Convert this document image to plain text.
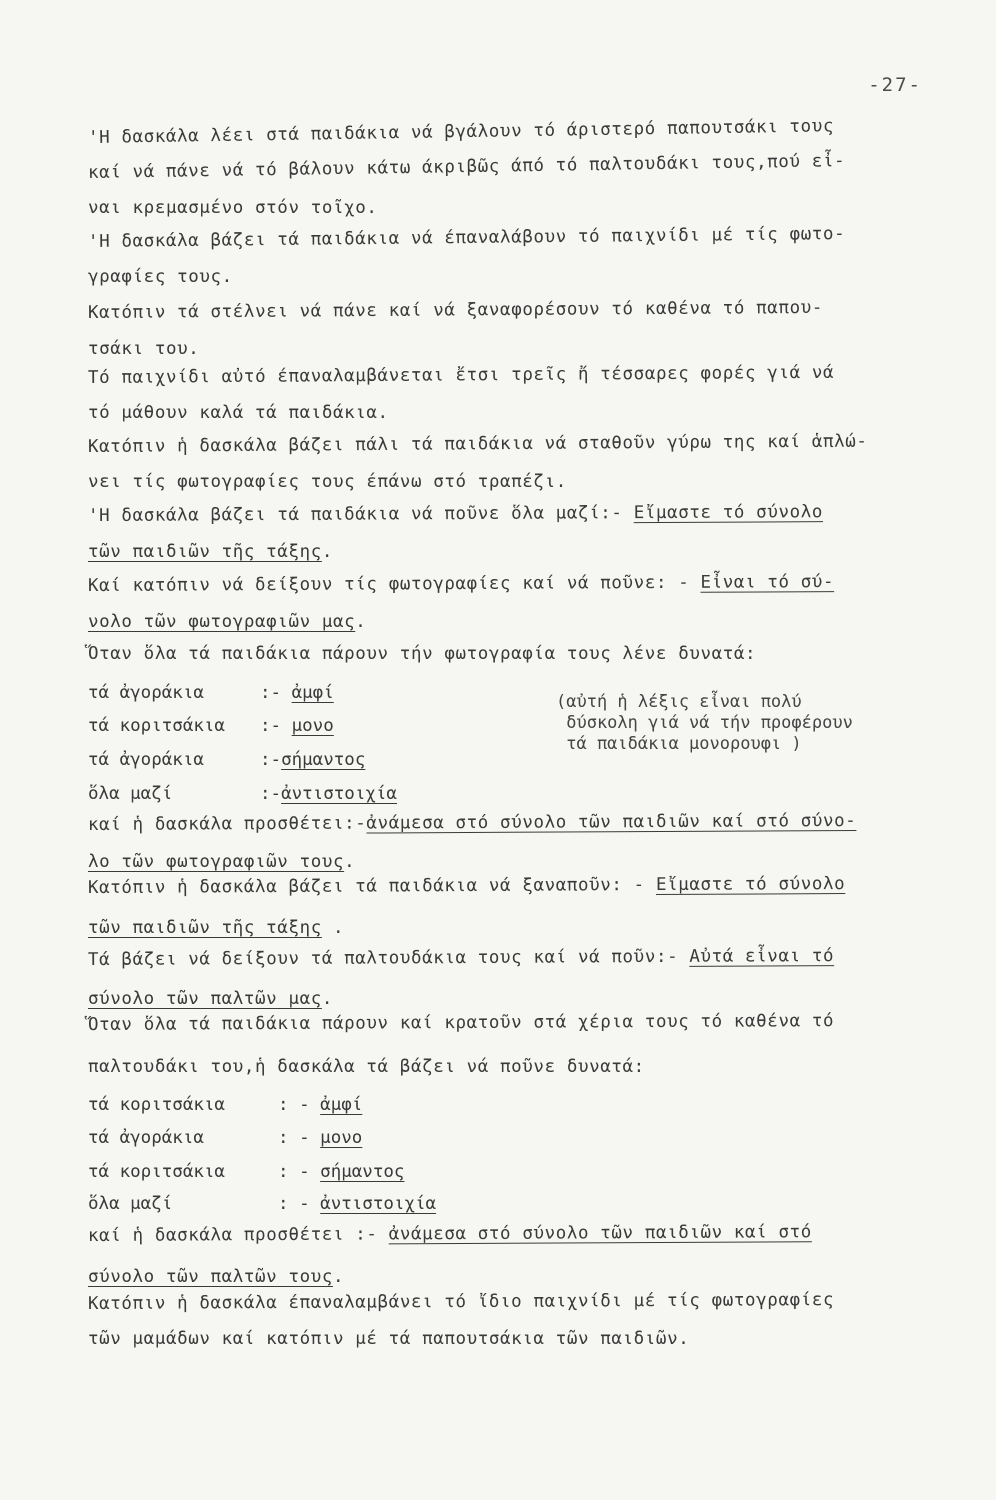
-27-
'Η δασκάλα λέει στά παιδάκια νά βγάλουν τό άριστερό παπουτσάκι τους
καί νά πάνε νά τό βάλουν κάτω άκριβῶς άπό τό παλτουδάκι τους,πού εἶ-
ναι κρεμασμένο στόν τοῖχο.
'Η δασκάλα βάζει τά παιδάκια νά έπαναλάβουν τό παιχνίδι μέ τίς φωτο-
γραφίες τους.
Κατόπιν τά στέλνει νά πάνε καί νά ξαναφορέσουν τό καθένα τό παπου-
τσάκι του.
Τό παιχνίδι αὐτό έπαναλαμβάνεται ἔτσι τρεῖς ἤ τέσσαρες φορές γιά νά
τό μάθουν καλά τά παιδάκια.
Κατόπιν ἡ δασκάλα βάζει πάλι τά παιδάκια νά σταθοῦν γύρω της καί ἁπλώ-
νει τίς φωτογραφίες τους έπάνω στό τραπέζι.
'Η δασκάλα βάζει τά παιδάκια νά ποῦνε ὅλα μαζί:- Εἴμαστε τό σύνολο
τῶν παιδιῶν τῆς τάξης.
Καί κατόπιν νά δείξουν τίς φωτογραφίες καί νά ποῦνε: - Εἶναι τό σύ-
νολο τῶν φωτογραφιῶν μας.
Ὅταν ὅλα τά παιδάκια πάρουν τήν φωτογραφία τους λένε δυνατά:
τά ἀγοράκια	:- ἀμφί
τά κοριτσάκια :- μονο
τά ἀγοράκια	:-σήμαντος
ὅλα μαζί	:-ἀντιστοιχία
(αὐτή ἡ λέξις εἶναι πολύ
δύσκολη γιά νά τήν προφέρουν
τά παιδάκια μονορουφι )
καί ἡ δασκάλα προσθέτει:-ἀνάμεσα στό σύνολο τῶν παιδιῶν καί στό σύνο-
λο τῶν φωτογραφιῶν τους.
Κατόπιν ἡ δασκάλα βάζει τά παιδάκια νά ξαναποῦν: - Εἴμαστε τό σύνολο
τῶν παιδιῶν τῆς τάξης .
Τά βάζει νά δείξουν τά παλτουδάκια τους καί νά ποῦν:- Αὐτά εἶναι τό
σύνολο τῶν παλτῶν μας.
Ὅταν ὅλα τά παιδάκια πάρουν καί κρατοῦν στά χέρια τους τό καθένα τό
παλτουδάκι του,ἡ δασκάλα τά βάζει νά ποῦνε δυνατά:
τά κοριτσάκια	: - ἀμφί
τά ἀγοράκια	: - μονο
τά κοριτσάκια	: - σήμαντος
ὅλα μαζί	: - ἀντιστοιχία
καί ἡ δασκάλα προσθέτει :- ἀνάμεσα στό σύνολο τῶν παιδιῶν καί στό
σύνολο τῶν παλτῶν τους.
Κατόπιν ἡ δασκάλα έπαναλαμβάνει τό ἴδιο παιχνίδι μέ τίς φωτογραφίες
τῶν μαμάδων καί κατόπιν μέ τά παπουτσάκια τῶν παιδιῶν.
